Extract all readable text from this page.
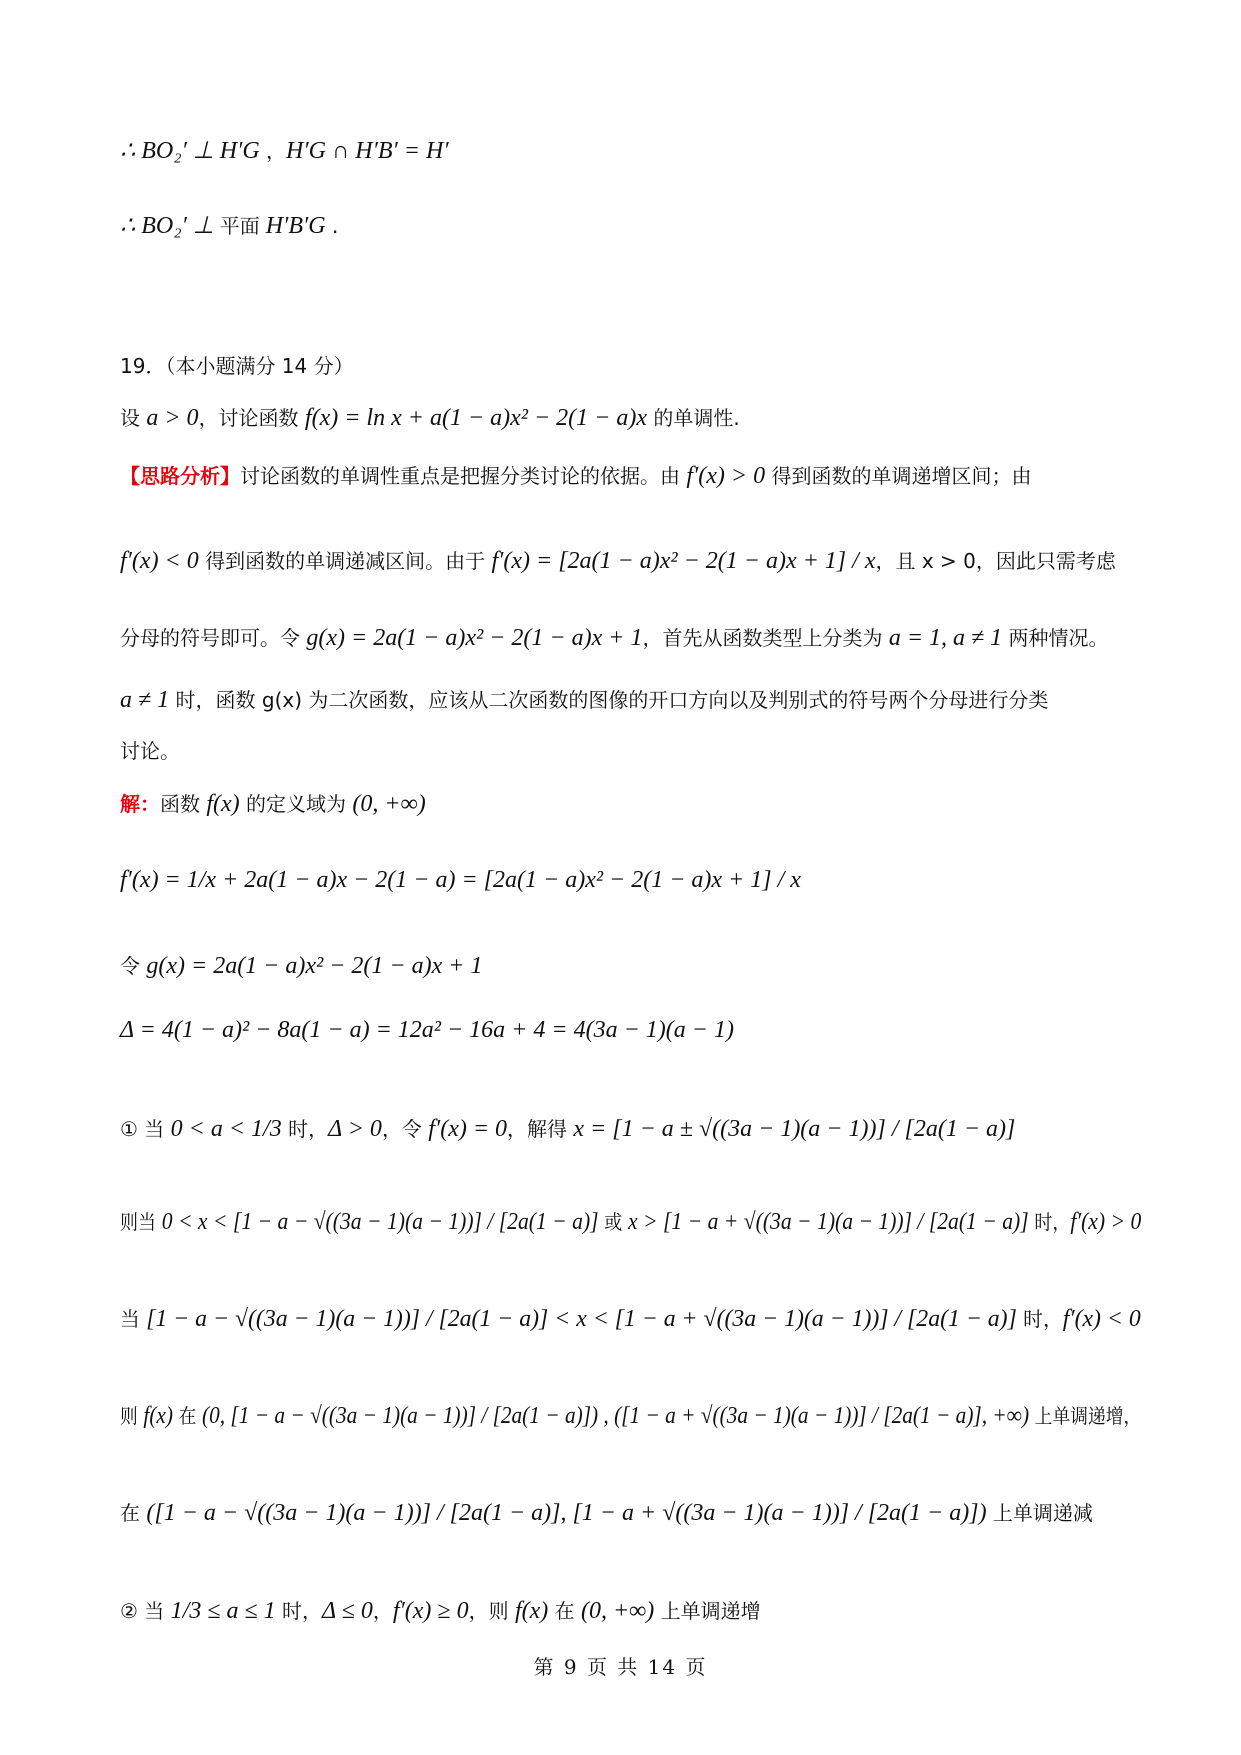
∴ BO₂′ ⊥ H′G ，H′G ∩ H′B′ = H′
∴ BO₂′ ⊥ 平面 H′B′G .
19．（本小题满分 14 分）
设 a > 0，讨论函数 f(x) = ln x + a(1 − a)x² − 2(1 − a)x 的单调性.
【思路分析】讨论函数的单调性重点是把握分类讨论的依据。由 f′(x) > 0 得到函数的单调递增区间；由
f′(x) < 0 得到函数的单调递减区间。由于 f′(x) = [2a(1 − a)x² − 2(1 − a)x + 1] / x，且 x > 0，因此只需考虑
分母的符号即可。令 g(x) = 2a(1 − a)x² − 2(1 − a)x + 1，首先从函数类型上分类为 a = 1, a ≠ 1 两种情况。
a ≠ 1 时，函数 g(x) 为二次函数，应该从二次函数的图像的开口方向以及判别式的符号两个分母进行分类
讨论。
解：函数 f(x) 的定义域为 (0, +∞)
f′(x) = 1/x + 2a(1 − a)x − 2(1 − a) = [2a(1 − a)x² − 2(1 − a)x + 1] / x
令 g(x) = 2a(1 − a)x² − 2(1 − a)x + 1
Δ = 4(1 − a)² − 8a(1 − a) = 12a² − 16a + 4 = 4(3a − 1)(a − 1)
① 当 0 < a < 1/3 时，Δ > 0，令 f′(x) = 0，解得 x = [1 − a ± √((3a − 1)(a − 1))] / [2a(1 − a)]
则当 0 < x < [1 − a − √((3a − 1)(a − 1))] / [2a(1 − a)] 或 x > [1 − a + √((3a − 1)(a − 1))] / [2a(1 − a)] 时，f′(x) > 0
当 [1 − a − √((3a − 1)(a − 1))] / [2a(1 − a)] < x < [1 − a + √((3a − 1)(a − 1))] / [2a(1 − a)] 时，f′(x) < 0
则 f(x) 在 (0, [1 − a − √((3a − 1)(a − 1))] / [2a(1 − a)]) , ([1 − a + √((3a − 1)(a − 1))] / [2a(1 − a)], +∞) 上单调递增，
在 ([1 − a − √((3a − 1)(a − 1))] / [2a(1 − a)], [1 − a + √((3a − 1)(a − 1))] / [2a(1 − a)]) 上单调递减
② 当 1/3 ≤ a ≤ 1 时，Δ ≤ 0，f′(x) ≥ 0，则 f(x) 在 (0, +∞) 上单调递增
第 9 页 共 14 页
